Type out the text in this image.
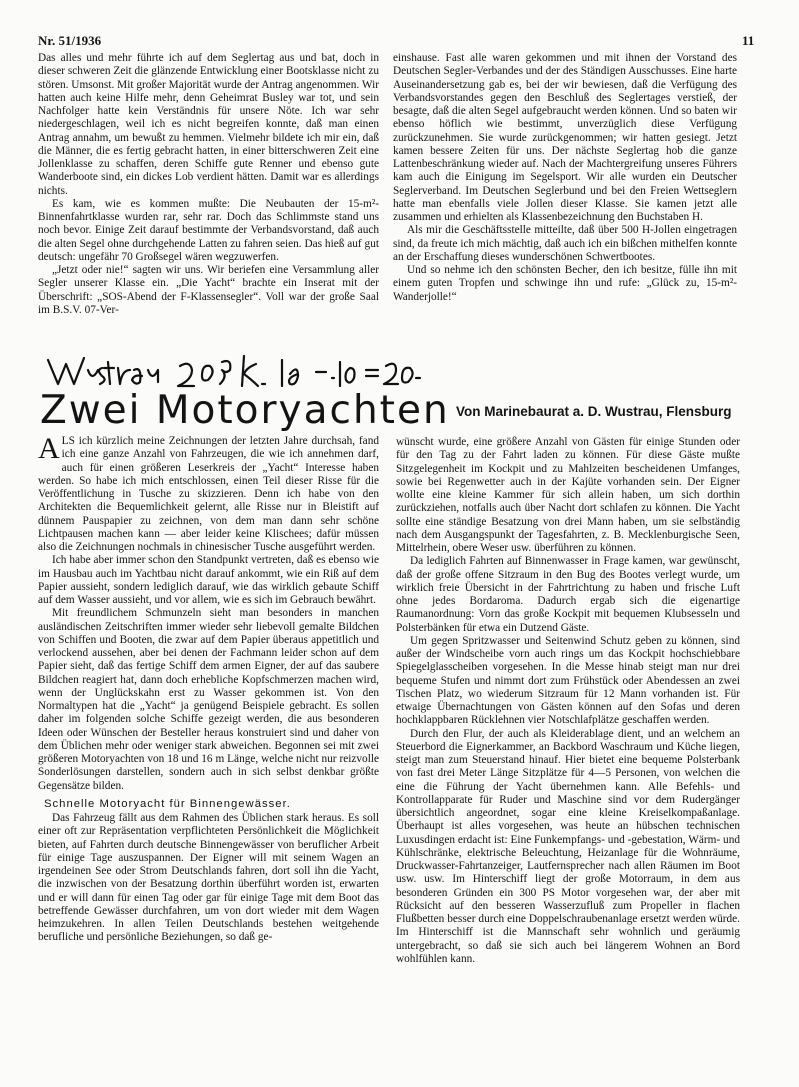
Nr. 51/1936	11

Das alles und mehr führte ich auf dem Seglertag aus und bat, doch in dieser schweren Zeit die glänzende Entwicklung einer Bootsklasse nicht zu stören. Umsonst. Mit großer Majorität wurde der Antrag angenommen. Wir hatten auch keine Hilfe mehr, denn Geheimrat Busley war tot, und sein Nachfolger hatte kein Verständnis für unsere Nöte. Ich war sehr niedergeschlagen, weil ich es nicht begreifen konnte, daß man einen Antrag annahm, um bewußt zu hemmen. Vielmehr bildete ich mir ein, daß die Männer, die es fertig gebracht hatten, in einer bitterschweren Zeit eine Jollenklasse zu schaffen, deren Schiffe gute Renner und ebenso gute Wanderboote sind, ein dickes Lob verdient hätten. Damit war es allerdings nichts.

Es kam, wie es kommen mußte: Die Neubauten der 15-m²-Binnenfahrtklasse wurden rar, sehr rar. Doch das Schlimmste stand uns noch bevor. Einige Zeit darauf bestimmte der Verbandsvorstand, daß auch die alten Segel ohne durchgehende Latten zu fahren seien. Das hieß auf gut deutsch: ungefähr 70 Großsegel wären wegzuwerfen.

„Jetzt oder nie!“ sagten wir uns. Wir beriefen eine Versammlung aller Segler unserer Klasse ein. „Die Yacht“ brachte ein Inserat mit der Überschrift: „SOS-Abend der F-Klassensegler“. Voll war der große Saal im B.S.V. 07-Ver-

einshause. Fast alle waren gekommen und mit ihnen der Vorstand des Deutschen Segler-Verbandes und der des Ständigen Ausschusses. Eine harte Auseinandersetzung gab es, bei der wir bewiesen, daß die Verfügung des Verbandsvorstandes gegen den Beschluß des Seglertages verstieß, der besagte, daß die alten Segel aufgebraucht werden können. Und so baten wir ebenso höflich wie bestimmt, unverzüglich diese Verfügung zurückzunehmen. Sie wurde zurückgenommen; wir hatten gesiegt. Jetzt kamen bessere Zeiten für uns. Der nächste Seglertag hob die ganze Lattenbeschränkung wieder auf. Nach der Machtergreifung unseres Führers kam auch die Einigung im Segelsport. Wir alle wurden ein Deutscher Seglerverband. Im Deutschen Seglerbund und bei den Freien Wettseglern hatte man ebenfalls viele Jollen dieser Klasse. Sie kamen jetzt alle zusammen und erhielten als Klassenbezeichnung den Buchstaben H.

Als mir die Geschäftsstelle mitteilte, daß über 500 H-Jollen eingetragen sind, da freute ich mich mächtig, daß auch ich ein bißchen mithelfen konnte an der Erschaffung dieses wunderschönen Schwertbootes.

Und so nehme ich den schönsten Becher, den ich besitze, fülle ihn mit einem guten Tropfen und schwinge ihn und rufe: „Glück zu, 15-m²-Wanderjolle!“

Zwei Motoryachten Von Marinebaurat a. D. Wustrau, Flensburg

ALS ich kürzlich meine Zeichnungen der letzten Jahre durchsah, fand ich eine ganze Anzahl von Fahrzeugen, die wie ich annehmen darf, auch für einen größeren Leserkreis der „Yacht“ Interesse haben werden. So habe ich mich entschlossen, einen Teil dieser Risse für die Veröffentlichung in Tusche zu skizzieren. Denn ich habe von den Architekten die Bequemlichkeit gelernt, alle Risse nur in Bleistift auf dünnem Pauspapier zu zeichnen, von dem man dann sehr schöne Lichtpausen machen kann — aber leider keine Klischees; dafür müssen also die Zeichnungen nochmals in chinesischer Tusche ausgeführt werden.

Ich habe aber immer schon den Standpunkt vertreten, daß es ebenso wie im Hausbau auch im Yachtbau nicht darauf ankommt, wie ein Riß auf dem Papier aussieht, sondern lediglich darauf, wie das wirklich gebaute Schiff auf dem Wasser aussieht, und vor allem, wie es sich im Gebrauch bewährt.

Mit freundlichem Schmunzeln sieht man besonders in manchen ausländischen Zeitschriften immer wieder sehr liebevoll gemalte Bildchen von Schiffen und Booten, die zwar auf dem Papier überaus appetitlich und verlockend aussehen, aber bei denen der Fachmann leider schon auf dem Papier sieht, daß das fertige Schiff dem armen Eigner, der auf das saubere Bildchen reagiert hat, dann doch erhebliche Kopfschmerzen machen wird, wenn der Unglückskahn erst zu Wasser gekommen ist. Von den Normaltypen hat die „Yacht“ ja genügend Beispiele gebracht. Es sollen daher im folgenden solche Schiffe gezeigt werden, die aus besonderen Ideen oder Wünschen der Besteller heraus konstruiert sind und daher von dem Üblichen mehr oder weniger stark abweichen. Begonnen sei mit zwei größeren Motoryachten von 18 und 16 m Länge, welche nicht nur reizvolle Sonderlösungen darstellen, sondern auch in sich selbst denkbar größte Gegensätze bilden.

Schnelle Motoryacht für Binnengewässer.

Das Fahrzeug fällt aus dem Rahmen des Üblichen stark heraus. Es soll einer oft zur Repräsentation verpflichteten Persönlichkeit die Möglichkeit bieten, auf Fahrten durch deutsche Binnengewässer von beruflicher Arbeit für einige Tage auszuspannen. Der Eigner will mit seinem Wagen an irgendeinen See oder Strom Deutschlands fahren, dort soll ihn die Yacht, die inzwischen von der Besatzung dorthin überführt worden ist, erwarten und er will dann für einen Tag oder gar für einige Tage mit dem Boot das betreffende Gewässer durchfahren, um von dort wieder mit dem Wagen heimzukehren. In allen Teilen Deutschlands bestehen weitgehende berufliche und persönliche Beziehungen, so daß ge-

wünscht wurde, eine größere Anzahl von Gästen für einige Stunden oder für den Tag zu der Fahrt laden zu können. Für diese Gäste mußte Sitzgelegenheit im Kockpit und zu Mahlzeiten bescheidenen Umfanges, sowie bei Regenwetter auch in der Kajüte vorhanden sein. Der Eigner wollte eine kleine Kammer für sich allein haben, um sich dorthin zurückziehen, notfalls auch über Nacht dort schlafen zu können. Die Yacht sollte eine ständige Besatzung von drei Mann haben, um sie selbständig nach dem Ausgangspunkt der Tagesfahrten, z. B. Mecklenburgische Seen, Mittelrhein, obere Weser usw. überführen zu können.

Da lediglich Fahrten auf Binnenwasser in Frage kamen, war gewünscht, daß der große offene Sitzraum in den Bug des Bootes verlegt wurde, um wirklich freie Übersicht in der Fahrtrichtung zu haben und frische Luft ohne jedes Bordaroma. Dadurch ergab sich die eigenartige Raumanordnung: Vorn das große Kockpit mit bequemen Klubsesseln und Polsterbänken für etwa ein Dutzend Gäste.

Um gegen Spritzwasser und Seitenwind Schutz geben zu können, sind außer der Windscheibe vorn auch rings um das Kockpit hochschiebbare Spiegelglasscheiben vorgesehen. In die Messe hinab steigt man nur drei bequeme Stufen und nimmt dort zum Frühstück oder Abendessen an zwei Tischen Platz, wo wiederum Sitzraum für 12 Mann vorhanden ist. Für etwaige Übernachtungen von Gästen können auf den Sofas und deren hochklappbaren Rücklehnen vier Notschlafplätze geschaffen werden.

Durch den Flur, der auch als Kleiderablage dient, und an welchem an Steuerbord die Eignerkammer, an Backbord Waschraum und Küche liegen, steigt man zum Steuerstand hinauf. Hier bietet eine bequeme Polsterbank von fast drei Meter Länge Sitzplätze für 4—5 Personen, von welchen die eine die Führung der Yacht übernehmen kann. Alle Befehls- und Kontrollapparate für Ruder und Maschine sind vor dem Rudergänger übersichtlich angeordnet, sogar eine kleine Kreiselkompaßanlage. Überhaupt ist alles vorgesehen, was heute an hübschen technischen Luxusdingen erdacht ist: Eine Funkempfangs- und -gebestation, Wärm- und Kühlschränke, elektrische Beleuchtung, Heizanlage für die Wohnräume, Druckwasser-Fahrtanzeiger, Lautfernsprecher nach allen Räumen im Boot usw. usw. Im Hinterschiff liegt der große Motorraum, in dem aus besonderen Gründen ein 300 PS Motor vorgesehen war, der aber mit Rücksicht auf den besseren Wasserzufluß zum Propeller in flachen Flußbetten besser durch eine Doppelschraubenanlage ersetzt werden würde. Im Hinterschiff ist die Mannschaft sehr wohnlich und geräumig untergebracht, so daß sie sich auch bei längerem Wohnen an Bord wohlfühlen kann.
